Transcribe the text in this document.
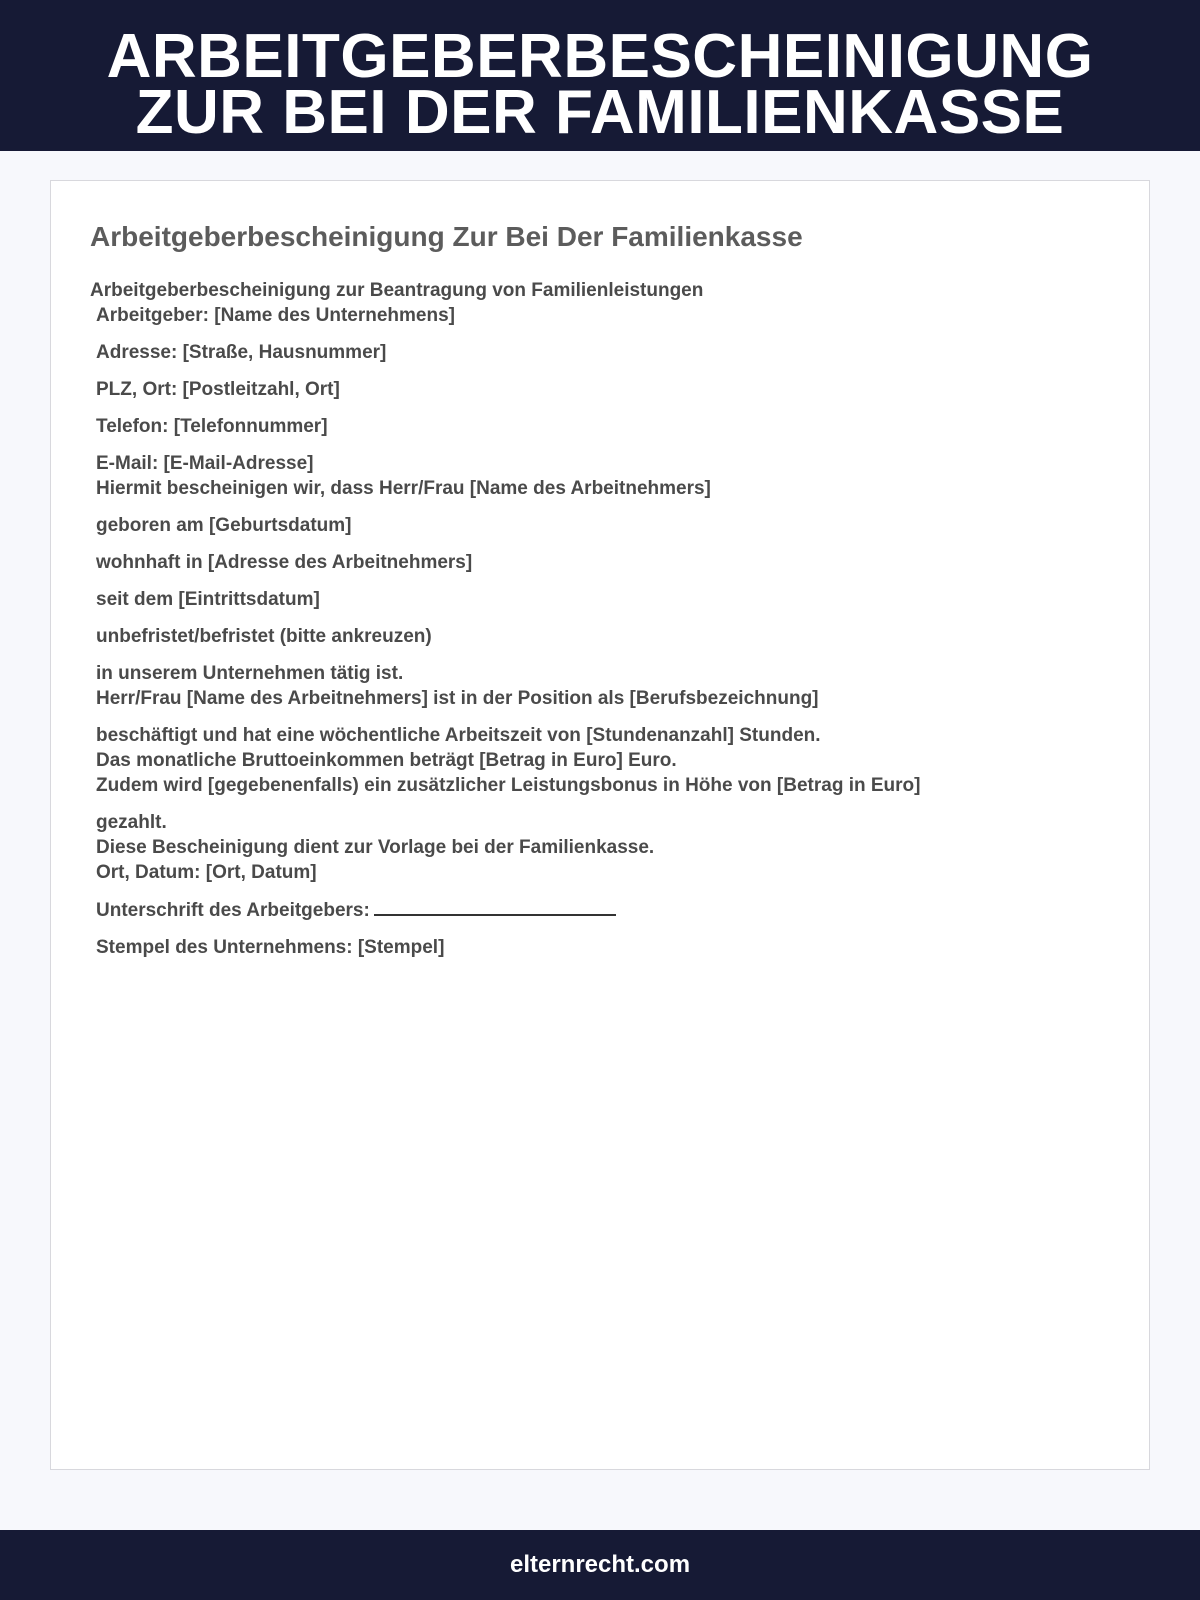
ARBEITGEBERBESCHEINIGUNG
ZUR BEI DER FAMILIENKASSE
Arbeitgeberbescheinigung Zur Bei Der Familienkasse
Arbeitgeberbescheinigung zur Beantragung von Familienleistungen
Arbeitgeber: [Name des Unternehmens]
Adresse: [Straße, Hausnummer]
PLZ, Ort: [Postleitzahl, Ort]
Telefon: [Telefonnummer]
E-Mail: [E-Mail-Adresse]
Hiermit bescheinigen wir, dass Herr/Frau [Name des Arbeitnehmers]
geboren am [Geburtsdatum]
wohnhaft in [Adresse des Arbeitnehmers]
seit dem [Eintrittsdatum]
unbefristet/befristet (bitte ankreuzen)
in unserem Unternehmen tätig ist.
Herr/Frau [Name des Arbeitnehmers] ist in der Position als [Berufsbezeichnung]
beschäftigt und hat eine wöchentliche Arbeitszeit von [Stundenanzahl] Stunden.
Das monatliche Bruttoeinkommen beträgt [Betrag in Euro] Euro.
Zudem wird [gegebenenfalls) ein zusätzlicher Leistungsbonus in Höhe von [Betrag in Euro]
gezahlt.
Diese Bescheinigung dient zur Vorlage bei der Familienkasse.
Ort, Datum: [Ort, Datum]
Unterschrift des Arbeitgebers:
Stempel des Unternehmens: [Stempel]
elternrecht.com
